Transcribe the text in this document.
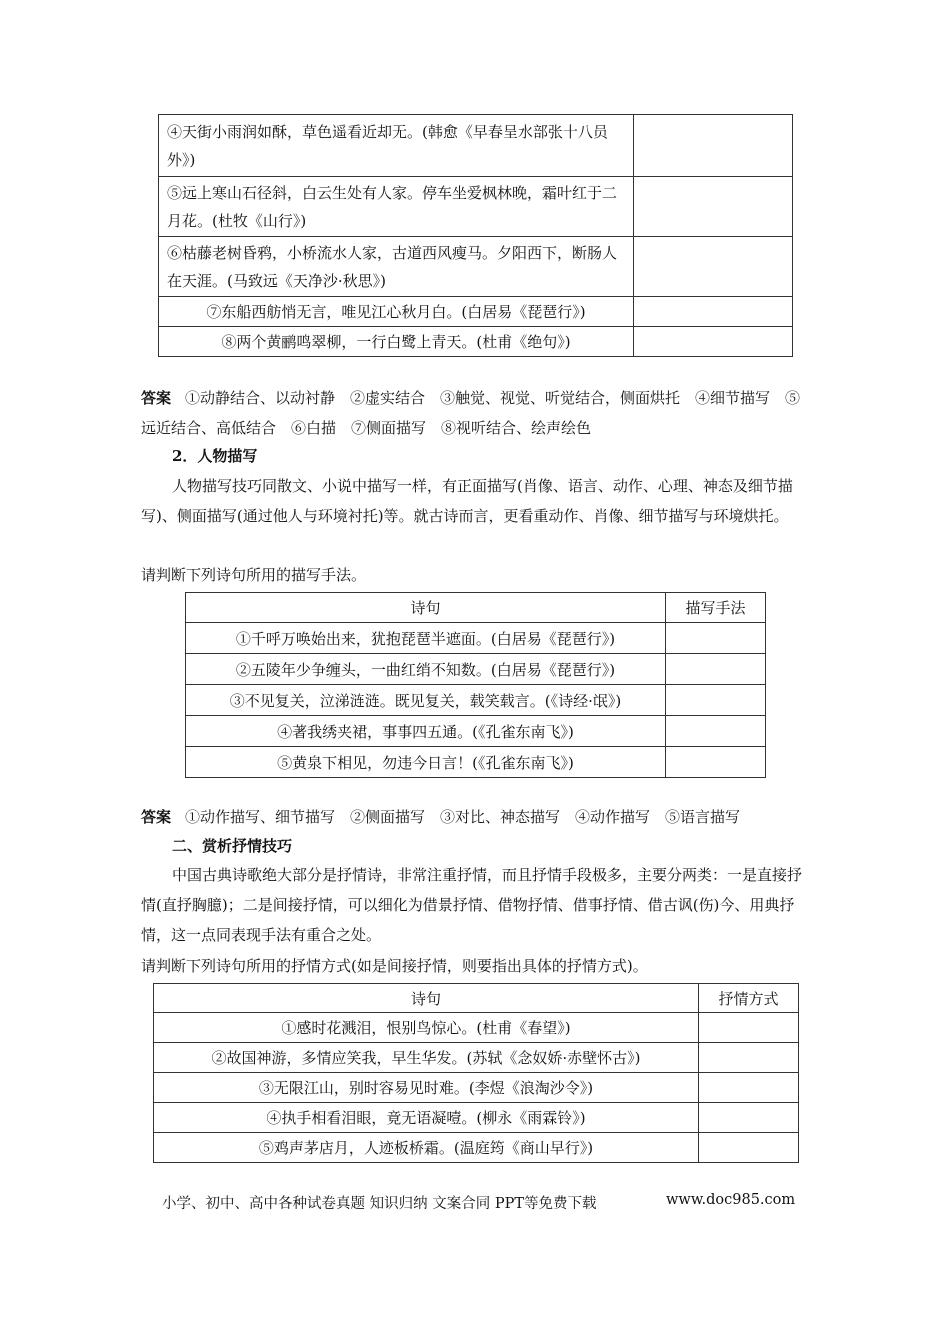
④天街小雨润如酥，草色遥看近却无。(韩愈《早春呈水部张十八员外》)	
⑤远上寒山石径斜，白云生处有人家。停车坐爱枫林晚，霜叶红于二月花。(杜牧《山行》)	
⑥枯藤老树昏鸦，小桥流水人家，古道西风瘦马。夕阳西下，断肠人在天涯。(马致远《天净沙·秋思》)	
⑦东船西舫悄无言，唯见江心秋月白。(白居易《琵琶行》)	
⑧两个黄鹂鸣翠柳，一行白鹭上青天。(杜甫《绝句》)	
答案 ①动静结合、以动衬静　②虚实结合　③触觉、视觉、听觉结合，侧面烘托　④细节描写　⑤远近结合、高低结合　⑥白描　⑦侧面描写　⑧视听结合、绘声绘色
2．人物描写
人物描写技巧同散文、小说中描写一样，有正面描写(肖像、语言、动作、心理、神态及细节描写)、侧面描写(通过他人与环境衬托)等。就古诗而言，更看重动作、肖像、细节描写与环境烘托。
请判断下列诗句所用的描写手法。
诗句	描写手法
①千呼万唤始出来，犹抱琵琶半遮面。(白居易《琵琶行》)	
②五陵年少争缠头，一曲红绡不知数。(白居易《琵琶行》)	
③不见复关，泣涕涟涟。既见复关，载笑载言。(《诗经·氓》)	
④著我绣夹裙，事事四五通。(《孔雀东南飞》)	
⑤黄泉下相见，勿违今日言！(《孔雀东南飞》)	
答案 ①动作描写、细节描写　②侧面描写　③对比、神态描写　④动作描写　⑤语言描写
二、赏析抒情技巧
中国古典诗歌绝大部分是抒情诗，非常注重抒情，而且抒情手段极多，主要分两类：一是直接抒情(直抒胸臆)；二是间接抒情，可以细化为借景抒情、借物抒情、借事抒情、借古讽(伤)今、用典抒情，这一点同表现手法有重合之处。
请判断下列诗句所用的抒情方式(如是间接抒情，则要指出具体的抒情方式)。
诗句	抒情方式
①感时花溅泪，恨别鸟惊心。(杜甫《春望》)	
②故国神游，多情应笑我，早生华发。(苏轼《念奴娇·赤壁怀古》)	
③无限江山，别时容易见时难。(李煜《浪淘沙令》)	
④执手相看泪眼，竟无语凝噎。(柳永《雨霖铃》)	
⑤鸡声茅店月，人迹板桥霜。(温庭筠《商山早行》)	
小学、初中、高中各种试卷真题 知识归纳 文案合同 PPT等免费下载	www.doc985.com
